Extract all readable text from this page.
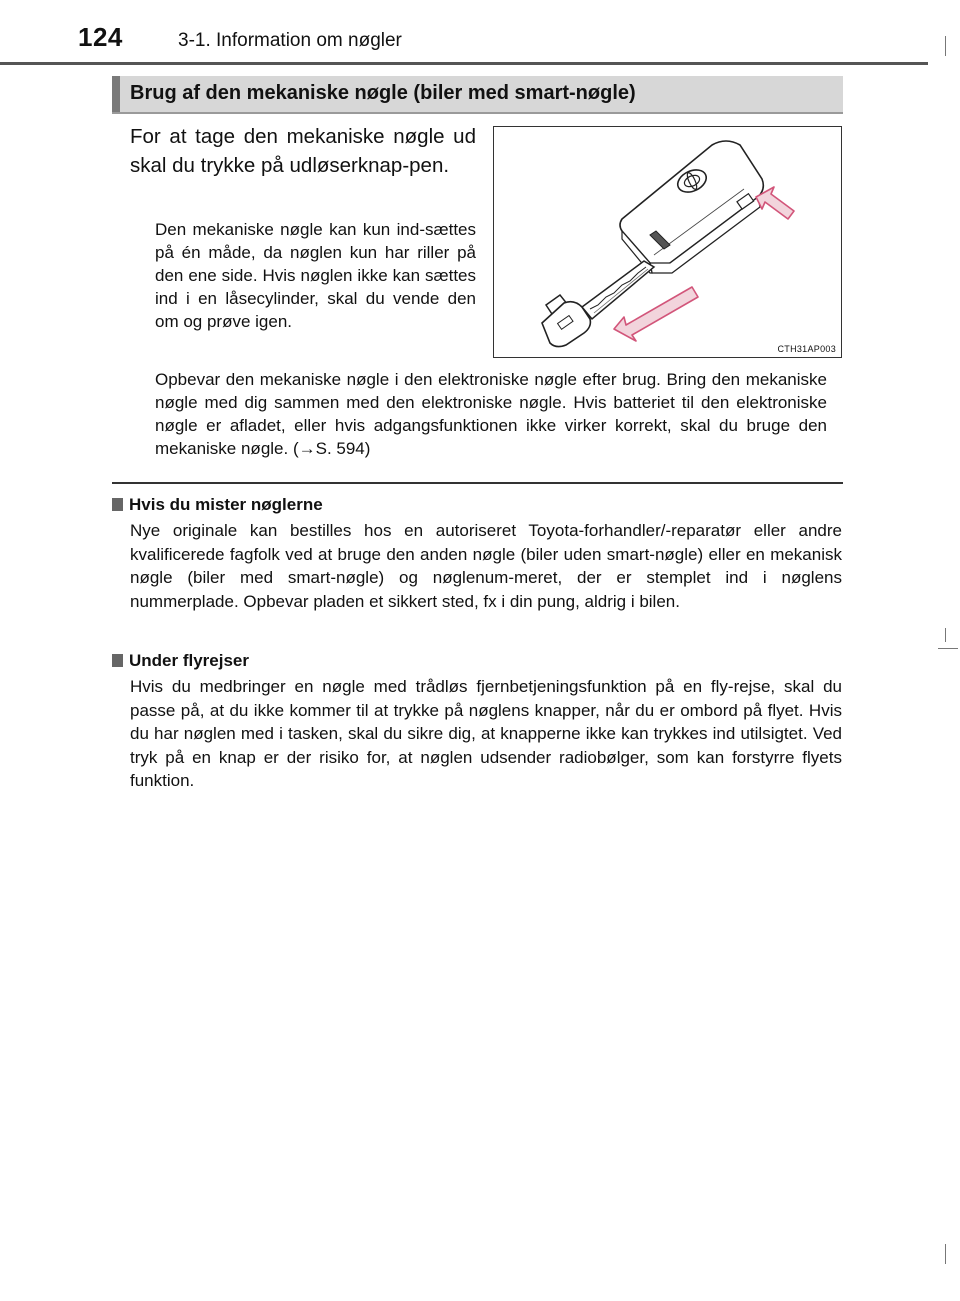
124	3-1. Information om nøgler
Brug af den mekaniske nøgle (biler med smart-nøgle)
For at tage den mekaniske nøgle ud skal du trykke på udløserknap-pen.
Den mekaniske nøgle kan kun ind-sættes på én måde, da nøglen kun har riller på den ene side. Hvis nøglen ikke kan sættes ind i en låsecylinder, skal du vende den om og prøve igen.
CTH31AP003
Opbevar den mekaniske nøgle i den elektroniske nøgle efter brug. Bring den mekaniske nøgle med dig sammen med den elektroniske nøgle. Hvis batteriet til den elektroniske nøgle er afladet, eller hvis adgangsfunktionen ikke virker korrekt, skal du bruge den mekaniske nøgle. (→S. 594)
Hvis du mister nøglerne
Nye originale kan bestilles hos en autoriseret Toyota-forhandler/-reparatør eller andre kvalificerede fagfolk ved at bruge den anden nøgle (biler uden smart-nøgle) eller en mekanisk nøgle (biler med smart-nøgle) og nøglenum-meret, der er stemplet ind i nøglens nummerplade. Opbevar pladen et sikkert sted, fx i din pung, aldrig i bilen.
Under flyrejser
Hvis du medbringer en nøgle med trådløs fjernbetjeningsfunktion på en fly-rejse, skal du passe på, at du ikke kommer til at trykke på nøglens knapper, når du er ombord på flyet. Hvis du har nøglen med i tasken, skal du sikre dig, at knapperne ikke kan trykkes ind utilsigtet. Ved tryk på en knap er der risiko for, at nøglen udsender radiobølger, som kan forstyrre flyets funktion.
